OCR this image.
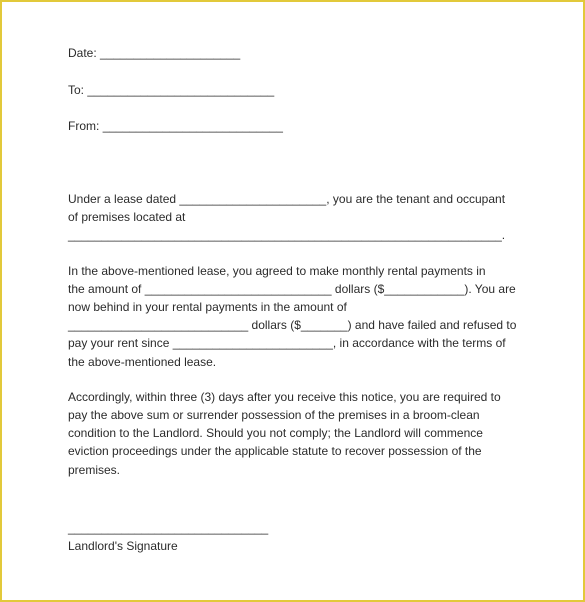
Date: _____________________
To: ____________________________
From: ___________________________

Under a lease dated ______________________, you are the tenant and occupant
of premises located at
_________________________________________________________________.

In the above-mentioned lease, you agreed to make monthly rental payments in
the amount of ____________________________ dollars ($____________). You are
now behind in your rental payments in the amount of
___________________________ dollars ($_______) and have failed and refused to
pay your rent since ________________________, in accordance with the terms of
the above-mentioned lease.

Accordingly, within three (3) days after you receive this notice, you are required to
pay the above sum or surrender possession of the premises in a broom-clean
condition to the Landlord. Should you not comply; the Landlord will commence
eviction proceedings under the applicable statute to recover possession of the
premises.

______________________________
Landlord's Signature
